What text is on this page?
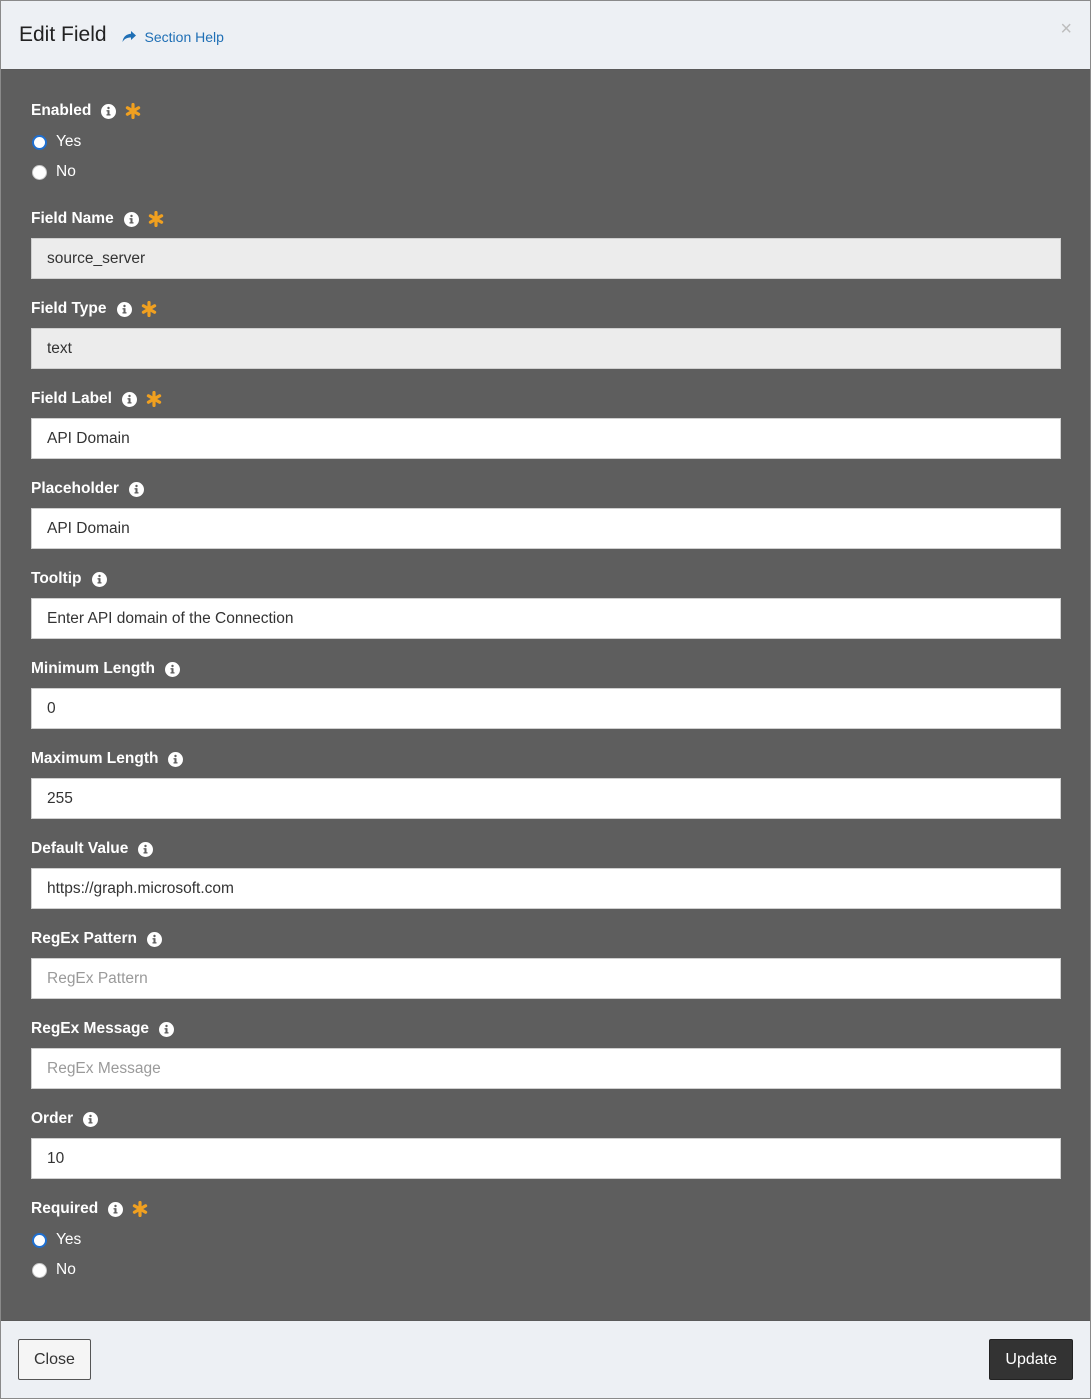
Edit Field	Section Help	×
Enabled
Yes
No
Field Name
source_server
Field Type
text
Field Label
API Domain
Placeholder
API Domain
Tooltip
Enter API domain of the Connection
Minimum Length
0
Maximum Length
255
Default Value
https://graph.microsoft.com
RegEx Pattern
RegEx Pattern
RegEx Message
RegEx Message
Order
10
Required
Yes
No
Close	Update
